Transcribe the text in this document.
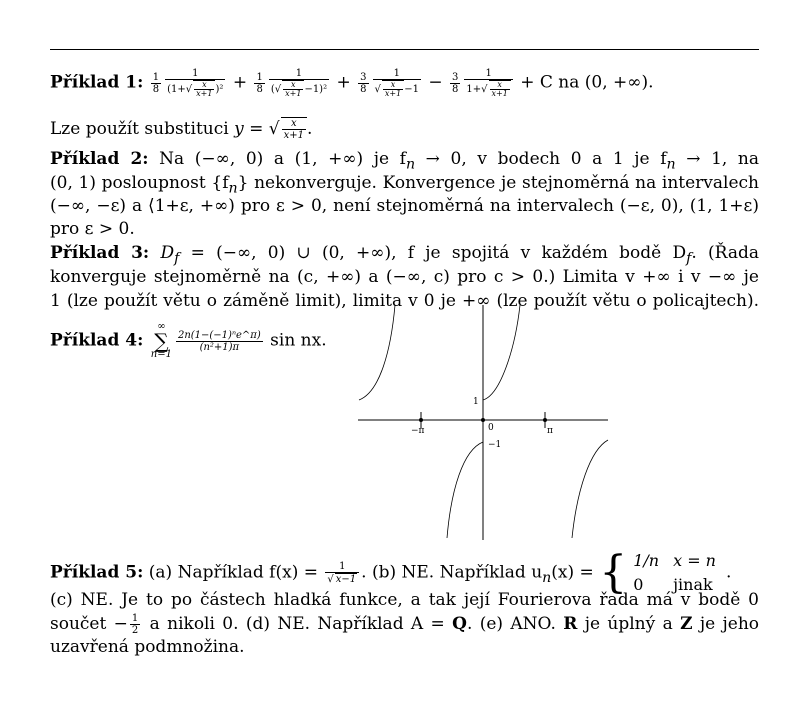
Příklad 1: $\frac{1}{8} \frac{1}{(1+√ \frac{x}{x+1} )^2} + \frac{1}{8} \frac{1}{(√ \frac{x}{x+1} -1)^2} + \frac{3}{8} \frac{1}{√ \frac{x}{x+1} -1} - \frac{3}{8} \frac{1}{1+√ \frac{x}{x+1}} + C$ na (0, +∞).
Lze použít substituci y = √ $\frac{x}{x+1}$ .
Příklad 2: Na (−∞, 0) a (1, +∞) je $f_n \to 0$, v bodech 0 a 1 je $f_n \to 1$, na
(0, 1) posloupnost $\{f_n\}$ nekonverguje. Konvergence je stejnoměrná na intervalech
(−∞, −ε) a ⟨1+ε, +∞) pro ε > 0, není stejnoměrná na intervalech (−ε, 0), (1, 1+ε)
pro ε > 0.
Příklad 3: $D_f$ = (−∞, 0) ∪ (0, +∞), f je spojitá v každém bodě $D_f$. (Řada
konverguje stejnoměrně na (c, +∞) a (−∞, c) pro c > 0.) Limita v +∞ i v −∞ je
1 (lze použít větu o záměně limit), limita v 0 je +∞ (lze použít větu o policajtech).
Příklad 4: ∞
∑
n=1
$\frac{\text{2n(1−(−1)ⁿe\textasciicircum{}π)}}{\text{(n²+1)π}}$ sin nx.
1
0
−1
−π	π
Příklad 5: (a) Například $f(x) = \frac{1}{√ x-1}$ . (b) NE. Například $u_n(x)$ = { 1/n	x = n
0	jinak.
(c) NE. Je to po částech hladká funkce, a tak její Fourierova řada má v bodě 0
součet − $\frac{1}{2}$ a nikoli 0. (d) NE. Například A = Q. (e) ANO. R je úplný a Z je jeho
uzavřená podmnožina.
